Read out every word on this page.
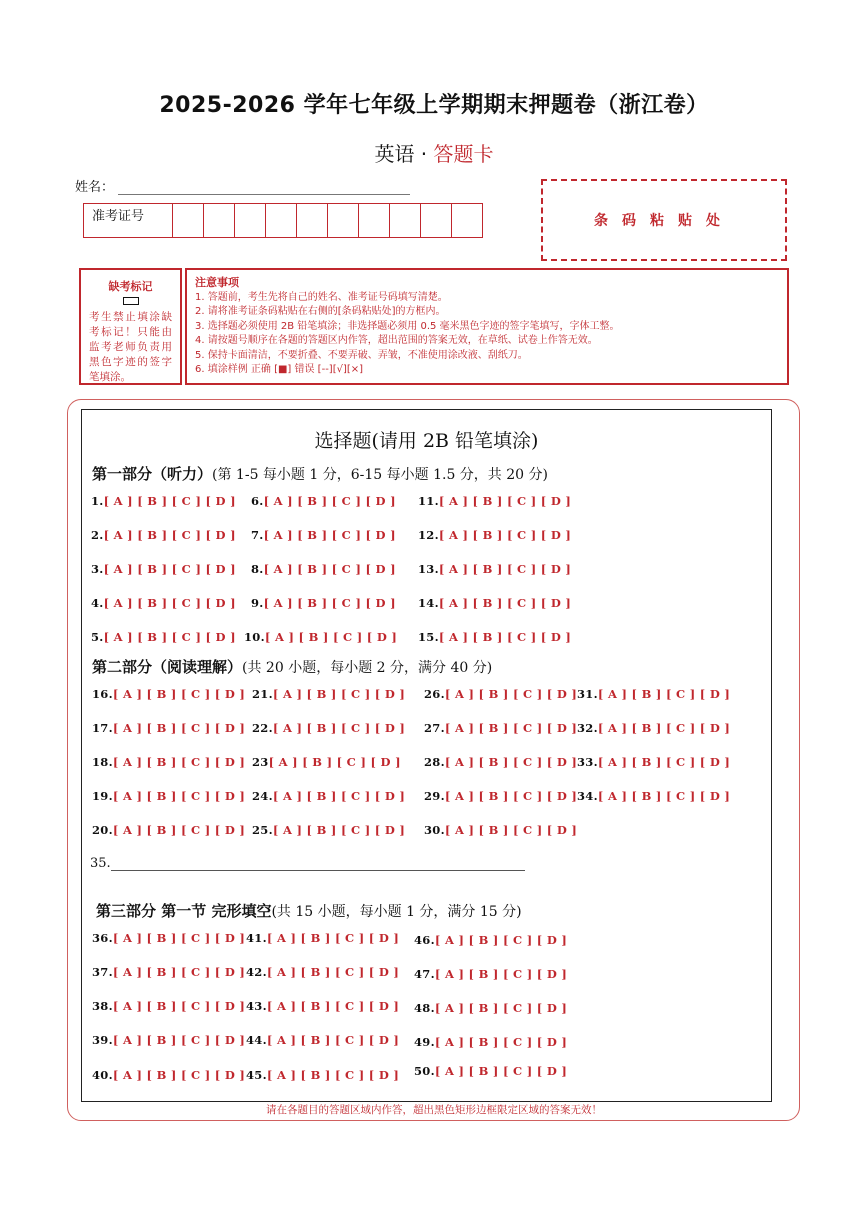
2025-2026 学年七年级上学期期末押题卷（浙江卷）
英语 · 答题卡
姓名：
准考证号	条码粘贴处
缺考标记
考生禁止填涂缺考标记！只能由监考老师负责用黑色字迹的签字笔填涂。
注意事项
1. 答题前，考生先将自己的姓名、准考证号码填写清楚。
2. 请将准考证条码粘贴在右侧的[条码粘贴处]的方框内。
3. 选择题必须使用 2B 铅笔填涂；非选择题必须用 0.5 毫米黑色字迹的签字笔填写，字体工整。
4. 请按题号顺序在各题的答题区内作答，超出范围的答案无效，在草纸、试卷上作答无效。
5. 保持卡面清洁，不要折叠、不要弄破、弄皱，不准使用涂改液、刮纸刀。
6. 填涂样例 正确 [■] 错误 [--][√][×]
选择题(请用 2B 铅笔填涂)
第一部分（听力）(第 1-5 每小题 1 分，6-15 每小题 1.5 分，共 20 分)
第二部分（阅读理解）(共 20 小题，每小题 2 分，满分 40 分)
第三部分 第一节 完形填空(共 15 小题，每小题 1 分，满分 15 分)
1.[ A ] [ B ] [ C ] [ D ]
2.[ A ] [ B ] [ C ] [ D ]
3.[ A ] [ B ] [ C ] [ D ]
4.[ A ] [ B ] [ C ] [ D ]
5.[ A ] [ B ] [ C ] [ D ]
6.[ A ] [ B ] [ C ] [ D ]
7.[ A ] [ B ] [ C ] [ D ]
8.[ A ] [ B ] [ C ] [ D ]
9.[ A ] [ B ] [ C ] [ D ]
10.[ A ] [ B ] [ C ] [ D ]
11.[ A ] [ B ] [ C ] [ D ]
12.[ A ] [ B ] [ C ] [ D ]
13.[ A ] [ B ] [ C ] [ D ]
14.[ A ] [ B ] [ C ] [ D ]
15.[ A ] [ B ] [ C ] [ D ]
16.[ A ] [ B ] [ C ] [ D ]
17.[ A ] [ B ] [ C ] [ D ]
18.[ A ] [ B ] [ C ] [ D ]
19.[ A ] [ B ] [ C ] [ D ]
20.[ A ] [ B ] [ C ] [ D ]
21.[ A ] [ B ] [ C ] [ D ]
22.[ A ] [ B ] [ C ] [ D ]
23[ A ] [ B ] [ C ] [ D ]
24.[ A ] [ B ] [ C ] [ D ]
25.[ A ] [ B ] [ C ] [ D ]
26.[ A ] [ B ] [ C ] [ D ]
27.[ A ] [ B ] [ C ] [ D ]
28.[ A ] [ B ] [ C ] [ D ]
29.[ A ] [ B ] [ C ] [ D ]
30.[ A ] [ B ] [ C ] [ D ]
31.[ A ] [ B ] [ C ] [ D ]
32.[ A ] [ B ] [ C ] [ D ]
33.[ A ] [ B ] [ C ] [ D ]
34.[ A ] [ B ] [ C ] [ D ]
35.
36.[ A ] [ B ] [ C ] [ D ]
37.[ A ] [ B ] [ C ] [ D ]
38.[ A ] [ B ] [ C ] [ D ]
39.[ A ] [ B ] [ C ] [ D ]
40.[ A ] [ B ] [ C ] [ D ]
41.[ A ] [ B ] [ C ] [ D ]
42.[ A ] [ B ] [ C ] [ D ]
43.[ A ] [ B ] [ C ] [ D ]
44.[ A ] [ B ] [ C ] [ D ]
45.[ A ] [ B ] [ C ] [ D ]
46.[ A ] [ B ] [ C ] [ D ]
47.[ A ] [ B ] [ C ] [ D ]
48.[ A ] [ B ] [ C ] [ D ]
49.[ A ] [ B ] [ C ] [ D ]
50.[ A ] [ B ] [ C ] [ D ]
请在各题目的答题区域内作答，超出黑色矩形边框限定区域的答案无效！
